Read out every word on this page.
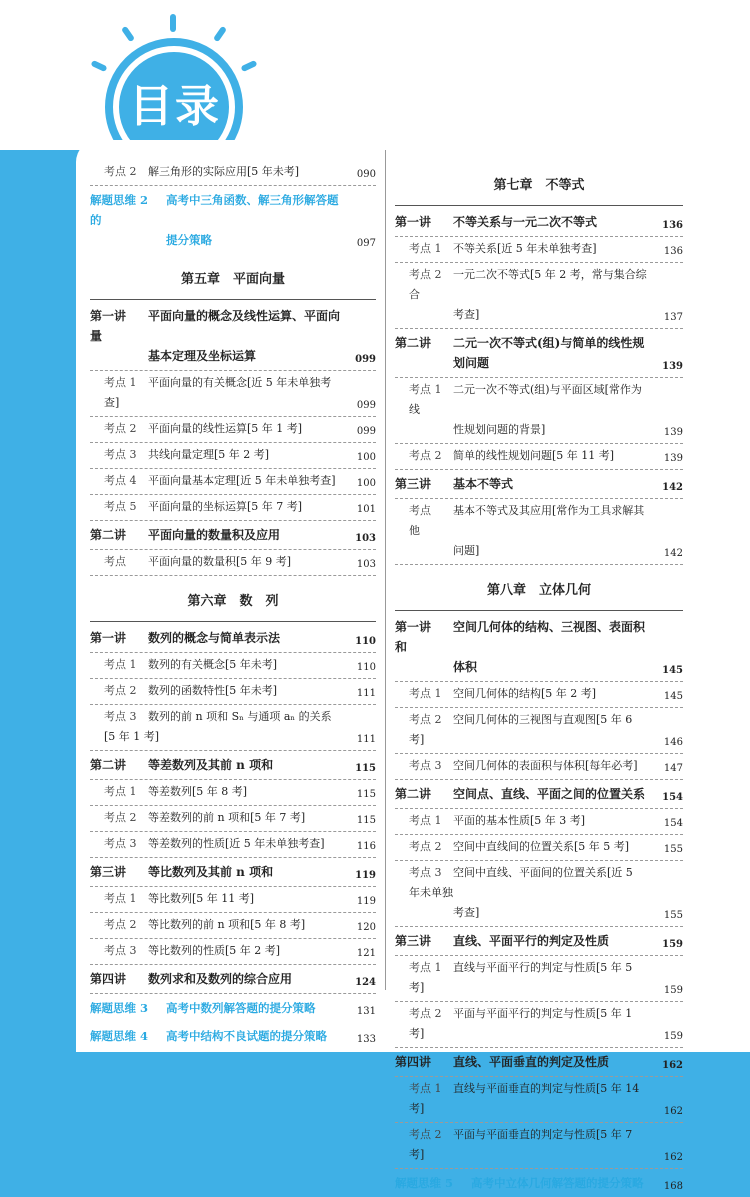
目录
考点 2 解三角形的实际应用[5 年未考]	090
解题思维 2 高考中三角函数、解三角形解答题的
提分策略	097
第五章　平面向量
第一讲 平面向量的概念及线性运算、平面向量
基本定理及坐标运算	099
考点 1 平面向量的有关概念[近 5 年未单独考查]	099
考点 2 平面向量的线性运算[5 年 1 考]	099
考点 3 共线向量定理[5 年 2 考]	100
考点 4 平面向量基本定理[近 5 年未单独考查] 100
考点 5 平面向量的坐标运算[5 年 7 考]	101
第二讲 平面向量的数量积及应用	103
考点 平面向量的数量积[5 年 9 考]	103
第六章　数　列
第一讲 数列的概念与简单表示法	110
考点 1 数列的有关概念[5 年未考]	110
考点 2 数列的函数特性[5 年未考]	111
考点 3 数列的前 n 项和 Sₙ 与通项 aₙ 的关系[5 年 1 考]	111
第二讲 等差数列及其前 n 项和	115
考点 1 等差数列[5 年 8 考]	115
考点 2 等差数列的前 n 项和[5 年 7 考]	115
考点 3 等差数列的性质[近 5 年未单独考查]	116
第三讲 等比数列及其前 n 项和	119
考点 1 等比数列[5 年 11 考]	119
考点 2 等比数列的前 n 项和[5 年 8 考]	120
考点 3 等比数列的性质[5 年 2 考]	121
第四讲 数列求和及数列的综合应用	124
解题思维 3 高考中数列解答题的提分策略	131
解题思维 4 高考中结构不良试题的提分策略	133
第七章　不等式
第一讲 不等关系与一元二次不等式	136
考点 1 不等关系[近 5 年未单独考查]	136
考点 2 一元二次不等式[5 年 2 考，常与集合综合
考查]	137
第二讲 二元一次不等式(组)与简单的线性规
划问题	139
考点 1 二元一次不等式(组)与平面区域[常作为线
性规划问题的背景]	139
考点 2 简单的线性规划问题[5 年 11 考]	139
第三讲 基本不等式	142
考点 基本不等式及其应用[常作为工具求解其他
问题]	142
第八章　立体几何
第一讲 空间几何体的结构、三视图、表面积和
体积	145
考点 1 空间几何体的结构[5 年 2 考]	145
考点 2 空间几何体的三视图与直观图[5 年 6 考]	146
考点 3 空间几何体的表面积与体积[每年必考]	147
第二讲 空间点、直线、平面之间的位置关系 154
考点 1 平面的基本性质[5 年 3 考]	154
考点 2 空间中直线间的位置关系[5 年 5 考]	155
考点 3 空间中直线、平面间的位置关系[近 5 年未单独
考查]	155
第三讲 直线、平面平行的判定及性质	159
考点 1 直线与平面平行的判定与性质[5 年 5 考]	159
考点 2 平面与平面平行的判定与性质[5 年 1 考]	159
第四讲 直线、平面垂直的判定及性质	162
考点 1 直线与平面垂直的判定与性质[5 年 14 考]	162
考点 2 平面与平面垂直的判定与性质[5 年 7 考]	162
解题思维 5 高考中立体几何解答题的提分策略 168
